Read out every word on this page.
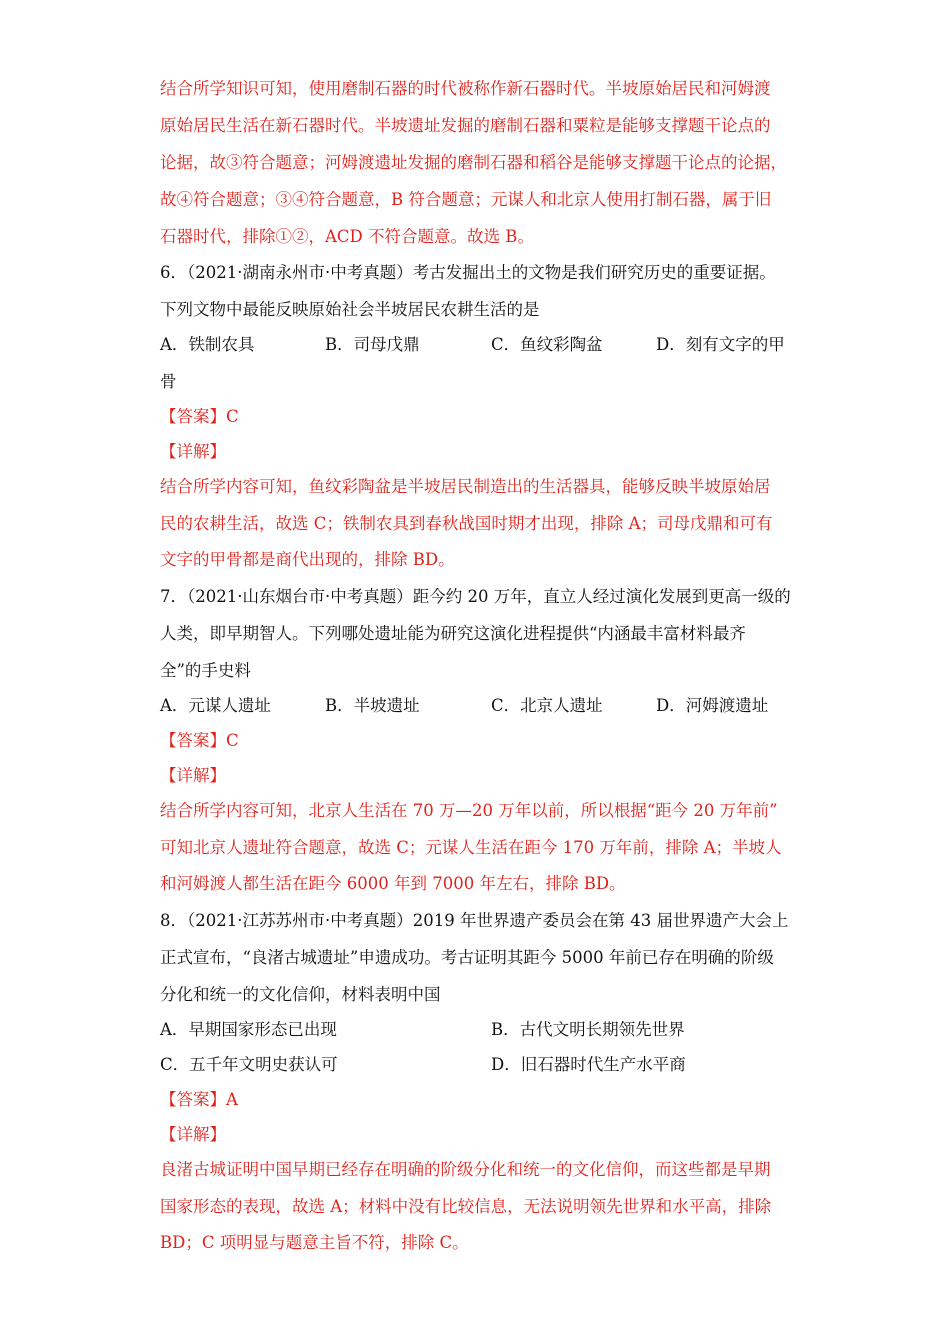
结合所学知识可知，使用磨制石器的时代被称作新石器时代。半坡原始居民和河姆渡

原始居民生活在新石器时代。半坡遗址发掘的磨制石器和粟粒是能够支撑题干论点的

论据，故③符合题意；河姆渡遗址发掘的磨制石器和稻谷是能够支撑题干论点的论据，

故④符合题意；③④符合题意，B 符合题意；元谋人和北京人使用打制石器，属于旧

石器时代，排除①②，ACD 不符合题意。故选 B。

6．（2021·湖南永州市·中考真题）考古发掘出土的文物是我们研究历史的重要证据。

下列文物中最能反映原始社会半坡居民农耕生活的是

A．铁制农具	B．司母戊鼎	C．鱼纹彩陶盆	D．刻有文字的甲

骨

【答案】C

【详解】

结合所学内容可知，鱼纹彩陶盆是半坡居民制造出的生活器具，能够反映半坡原始居

民的农耕生活，故选 C；铁制农具到春秋战国时期才出现，排除 A；司母戊鼎和可有

文字的甲骨都是商代出现的，排除 BD。

7．（2021·山东烟台市·中考真题）距今约 20 万年，直立人经过演化发展到更高一级的

人类，即早期智人。下列哪处遗址能为研究这演化进程提供“内涵最丰富材料最齐

全”的手史料

A．元谋人遗址	B．半坡遗址	C．北京人遗址	D．河姆渡遗址

【答案】C

【详解】

结合所学内容可知，北京人生活在 70 万—20 万年以前，所以根据“距今 20 万年前”

可知北京人遗址符合题意，故选 C；元谋人生活在距今 170 万年前，排除 A；半坡人

和河姆渡人都生活在距今 6000 年到 7000 年左右，排除 BD。

8．（2021·江苏苏州市·中考真题）2019 年世界遗产委员会在第 43 届世界遗产大会上

正式宣布，“良渚古城遗址”申遗成功。考古证明其距今 5000 年前已存在明确的阶级

分化和统一的文化信仰，材料表明中国

A．早期国家形态已出现	B．古代文明长期领先世界

C．五千年文明史获认可	D．旧石器时代生产水平商

【答案】A

【详解】

良渚古城证明中国早期已经存在明确的阶级分化和统一的文化信仰，而这些都是早期

国家形态的表现，故选 A；材料中没有比较信息，无法说明领先世界和水平高，排除

BD；C 项明显与题意主旨不符，排除 C。
